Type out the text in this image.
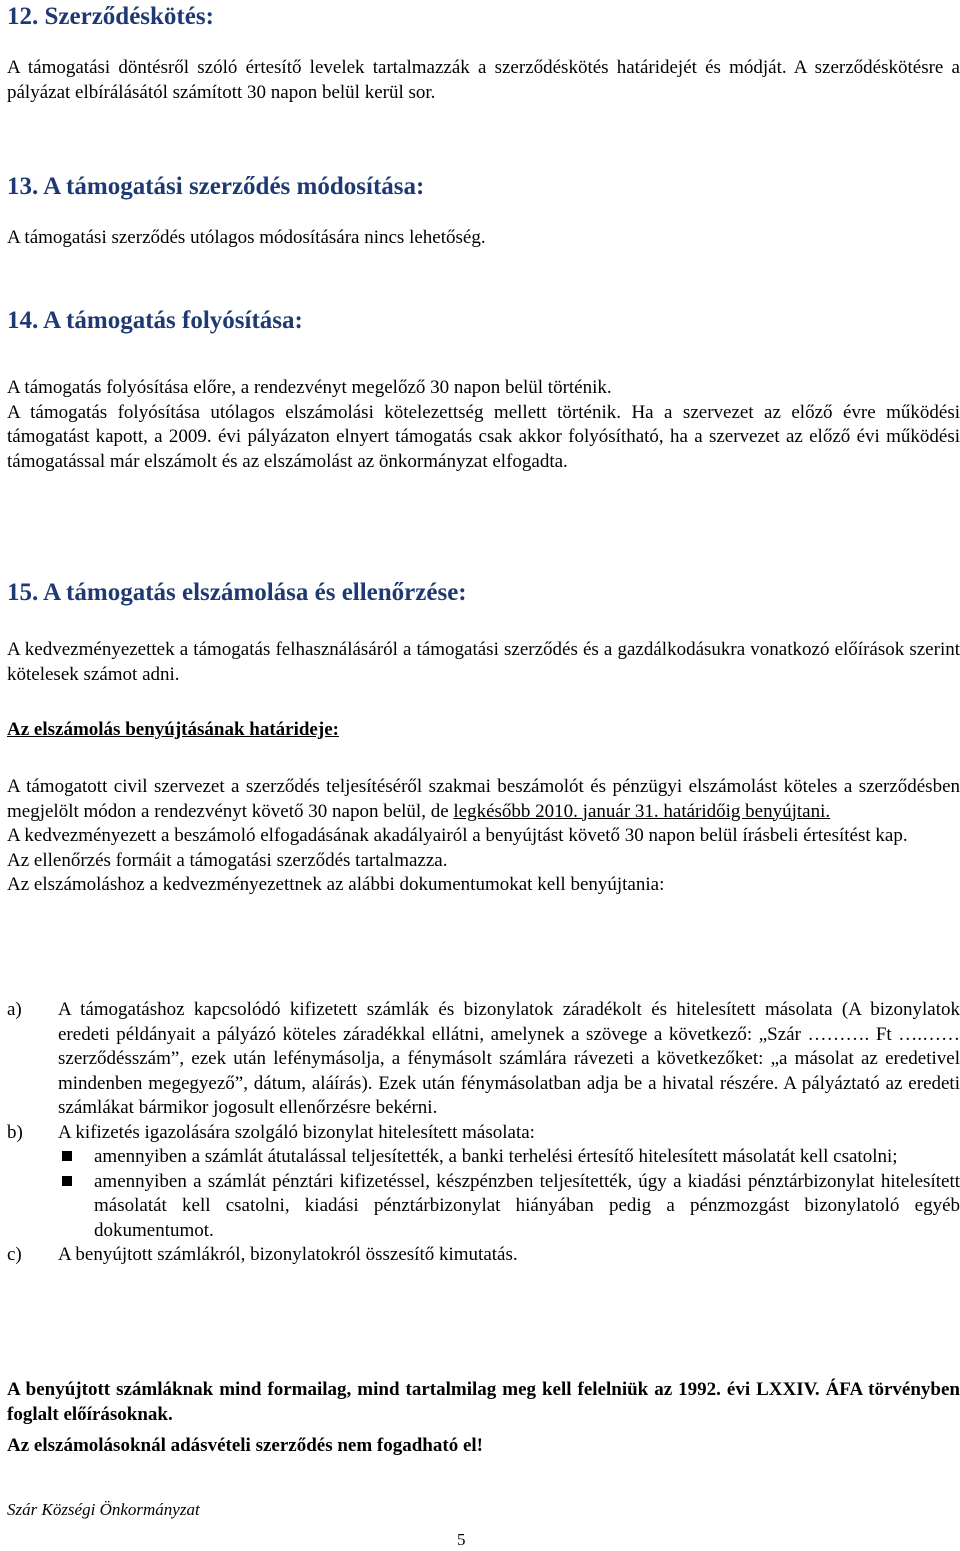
12. Szerződéskötés:

A támogatási döntésről szóló értesítő levelek tartalmazzák a szerződéskötés határidejét és módját. A szerződéskötésre a pályázat elbírálásától számított 30 napon belül kerül sor.

13. A támogatási szerződés módosítása:

A támogatási szerződés utólagos módosítására nincs lehetőség.

14. A támogatás folyósítása:

A támogatás folyósítása előre, a rendezvényt megelőző 30 napon belül történik.

A támogatás folyósítása utólagos elszámolási kötelezettség mellett történik. Ha a szervezet az előző évre működési támogatást kapott, a 2009. évi pályázaton elnyert támogatás csak akkor folyósítható, ha a szervezet az előző évi működési támogatással már elszámolt és az elszámolást az önkormányzat elfogadta.

15. A támogatás elszámolása és ellenőrzése:

A kedvezményezettek a támogatás felhasználásáról a támogatási szerződés és a gazdálkodásukra vonatkozó előírások szerint kötelesek számot adni.

Az elszámolás benyújtásának határideje:

A támogatott civil szervezet a szerződés teljesítéséről szakmai beszámolót és pénzügyi elszámolást köteles a szerződésben megjelölt módon a rendezvényt követő 30 napon belül, de legkésőbb 2010. január 31. határidőig benyújtani.

A kedvezményezett a beszámoló elfogadásának akadályairól a benyújtást követő 30 napon belül írásbeli értesítést kap.

Az ellenőrzés formáit a támogatási szerződés tartalmazza.

Az elszámoláshoz a kedvezményezettnek az alábbi dokumentumokat kell benyújtania:

a)	A támogatáshoz kapcsolódó kifizetett számlák és bizonylatok záradékolt és hitelesített másolata (A bizonylatok eredeti példányait a pályázó köteles záradékkal ellátni, amelynek a szövege a következő: „Szár ………. Ft ….……szerződésszám”, ezek után lefénymásolja, a fénymásolt számlára rávezeti a következőket: „a másolat az eredetivel mindenben megegyező”, dátum, aláírás). Ezek után fénymásolatban adja be a hivatal részére. A pályáztató az eredeti számlákat bármikor jogosult ellenőrzésre bekérni.

b)	A kifizetés igazolására szolgáló bizonylat hitelesített másolata:

amennyiben a számlát átutalással teljesítették, a banki terhelési értesítő hitelesített másolatát kell csatolni;

amennyiben a számlát pénztári kifizetéssel, készpénzben teljesítették, úgy a kiadási pénztárbizonylat hitelesített másolatát kell csatolni, kiadási pénztárbizonylat hiányában pedig a pénzmozgást bizonylatoló egyéb dokumentumot.

c)	A benyújtott számlákról, bizonylatokról összesítő kimutatás.

A benyújtott számláknak mind formailag, mind tartalmilag meg kell felelniük az 1992. évi LXXIV. ÁFA törvényben foglalt előírásoknak.

Az elszámolásoknál adásvételi szerződés nem fogadható el!

Szár Községi Önkormányzat
5
